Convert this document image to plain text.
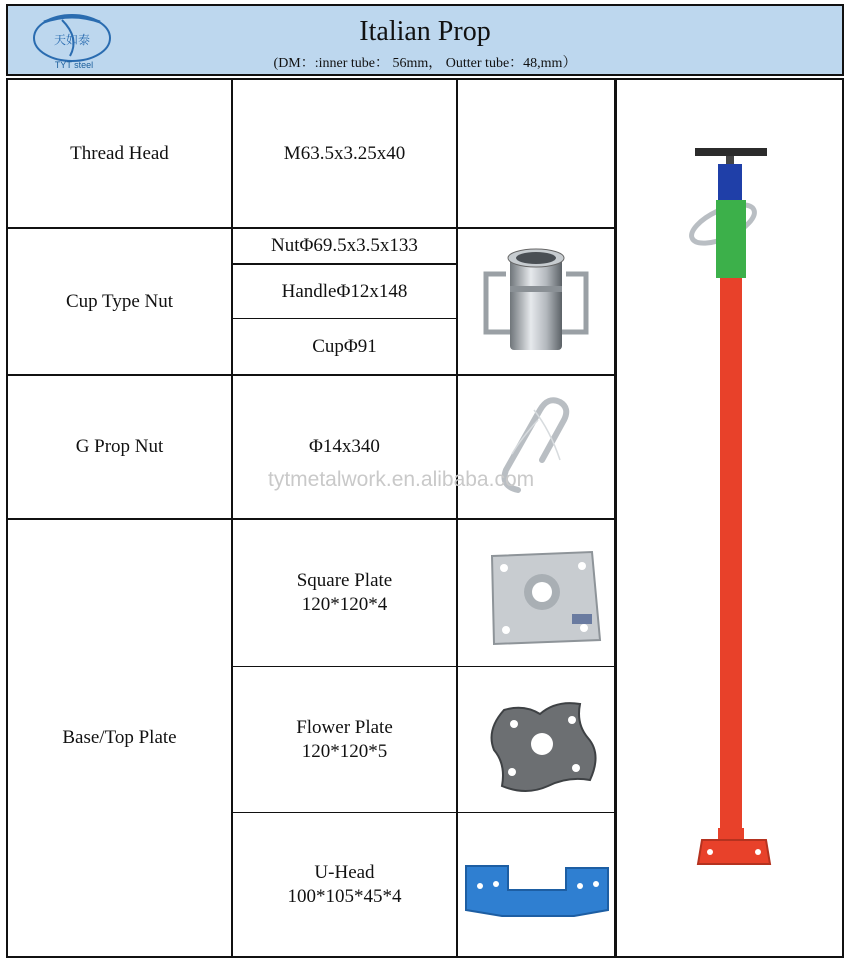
天如泰
TYT steel
Italian Prop
(DM：:inner tube： 56mm， Outter tube：48,mm）
Thread Head	M63.5x3.25x40
Cup Type Nut
NutΦ69.5x3.5x133
HandleΦ12x148
CupΦ91
G Prop Nut	Φ14x340
Base/Top Plate
Square Plate
120*120*4
Flower Plate
120*120*5
U-Head
100*105*45*4
tytmetalwork.en.alibaba.com
